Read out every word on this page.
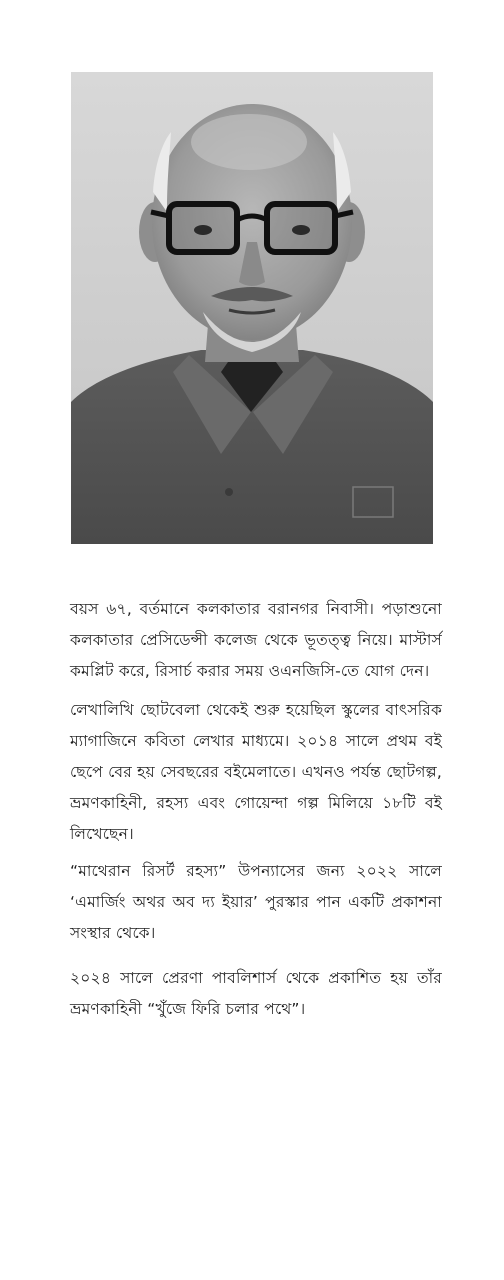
বয়স ৬৭, বর্তমানে কলকাতার বরানগর নিবাসী। পড়াশুনো কলকাতার প্রেসিডেন্সী কলেজ থেকে ভূতত্ত্ব নিয়ে। মাস্টার্স কমপ্লিট করে, রিসার্চ করার সময় ওএনজিসি-তে যোগ দেন।

লেখালিখি ছোটবেলা থেকেই শুরু হয়েছিল স্কুলের বাৎসরিক ম্যাগাজিনে কবিতা লেখার মাধ্যমে। ২০১৪ সালে প্রথম বই ছেপে বের হয় সেবছরের বইমেলাতে। এখনও পর্যন্ত ছোটগল্প, ভ্রমণকাহিনী, রহস্য এবং গোয়েন্দা গল্প মিলিয়ে ১৮টি বই লিখেছেন।

“মাথেরান রিসর্ট রহস্য” উপন্যাসের জন্য ২০২২ সালে ‘এমার্জিং অথর অব দ্য ইয়ার’ পুরস্কার পান একটি প্রকাশনা সংস্থার থেকে।

২০২৪ সালে প্রেরণা পাবলিশার্স থেকে প্রকাশিত হয় তাঁর ভ্রমণকাহিনী “খুঁজে ফিরি চলার পথে”।
